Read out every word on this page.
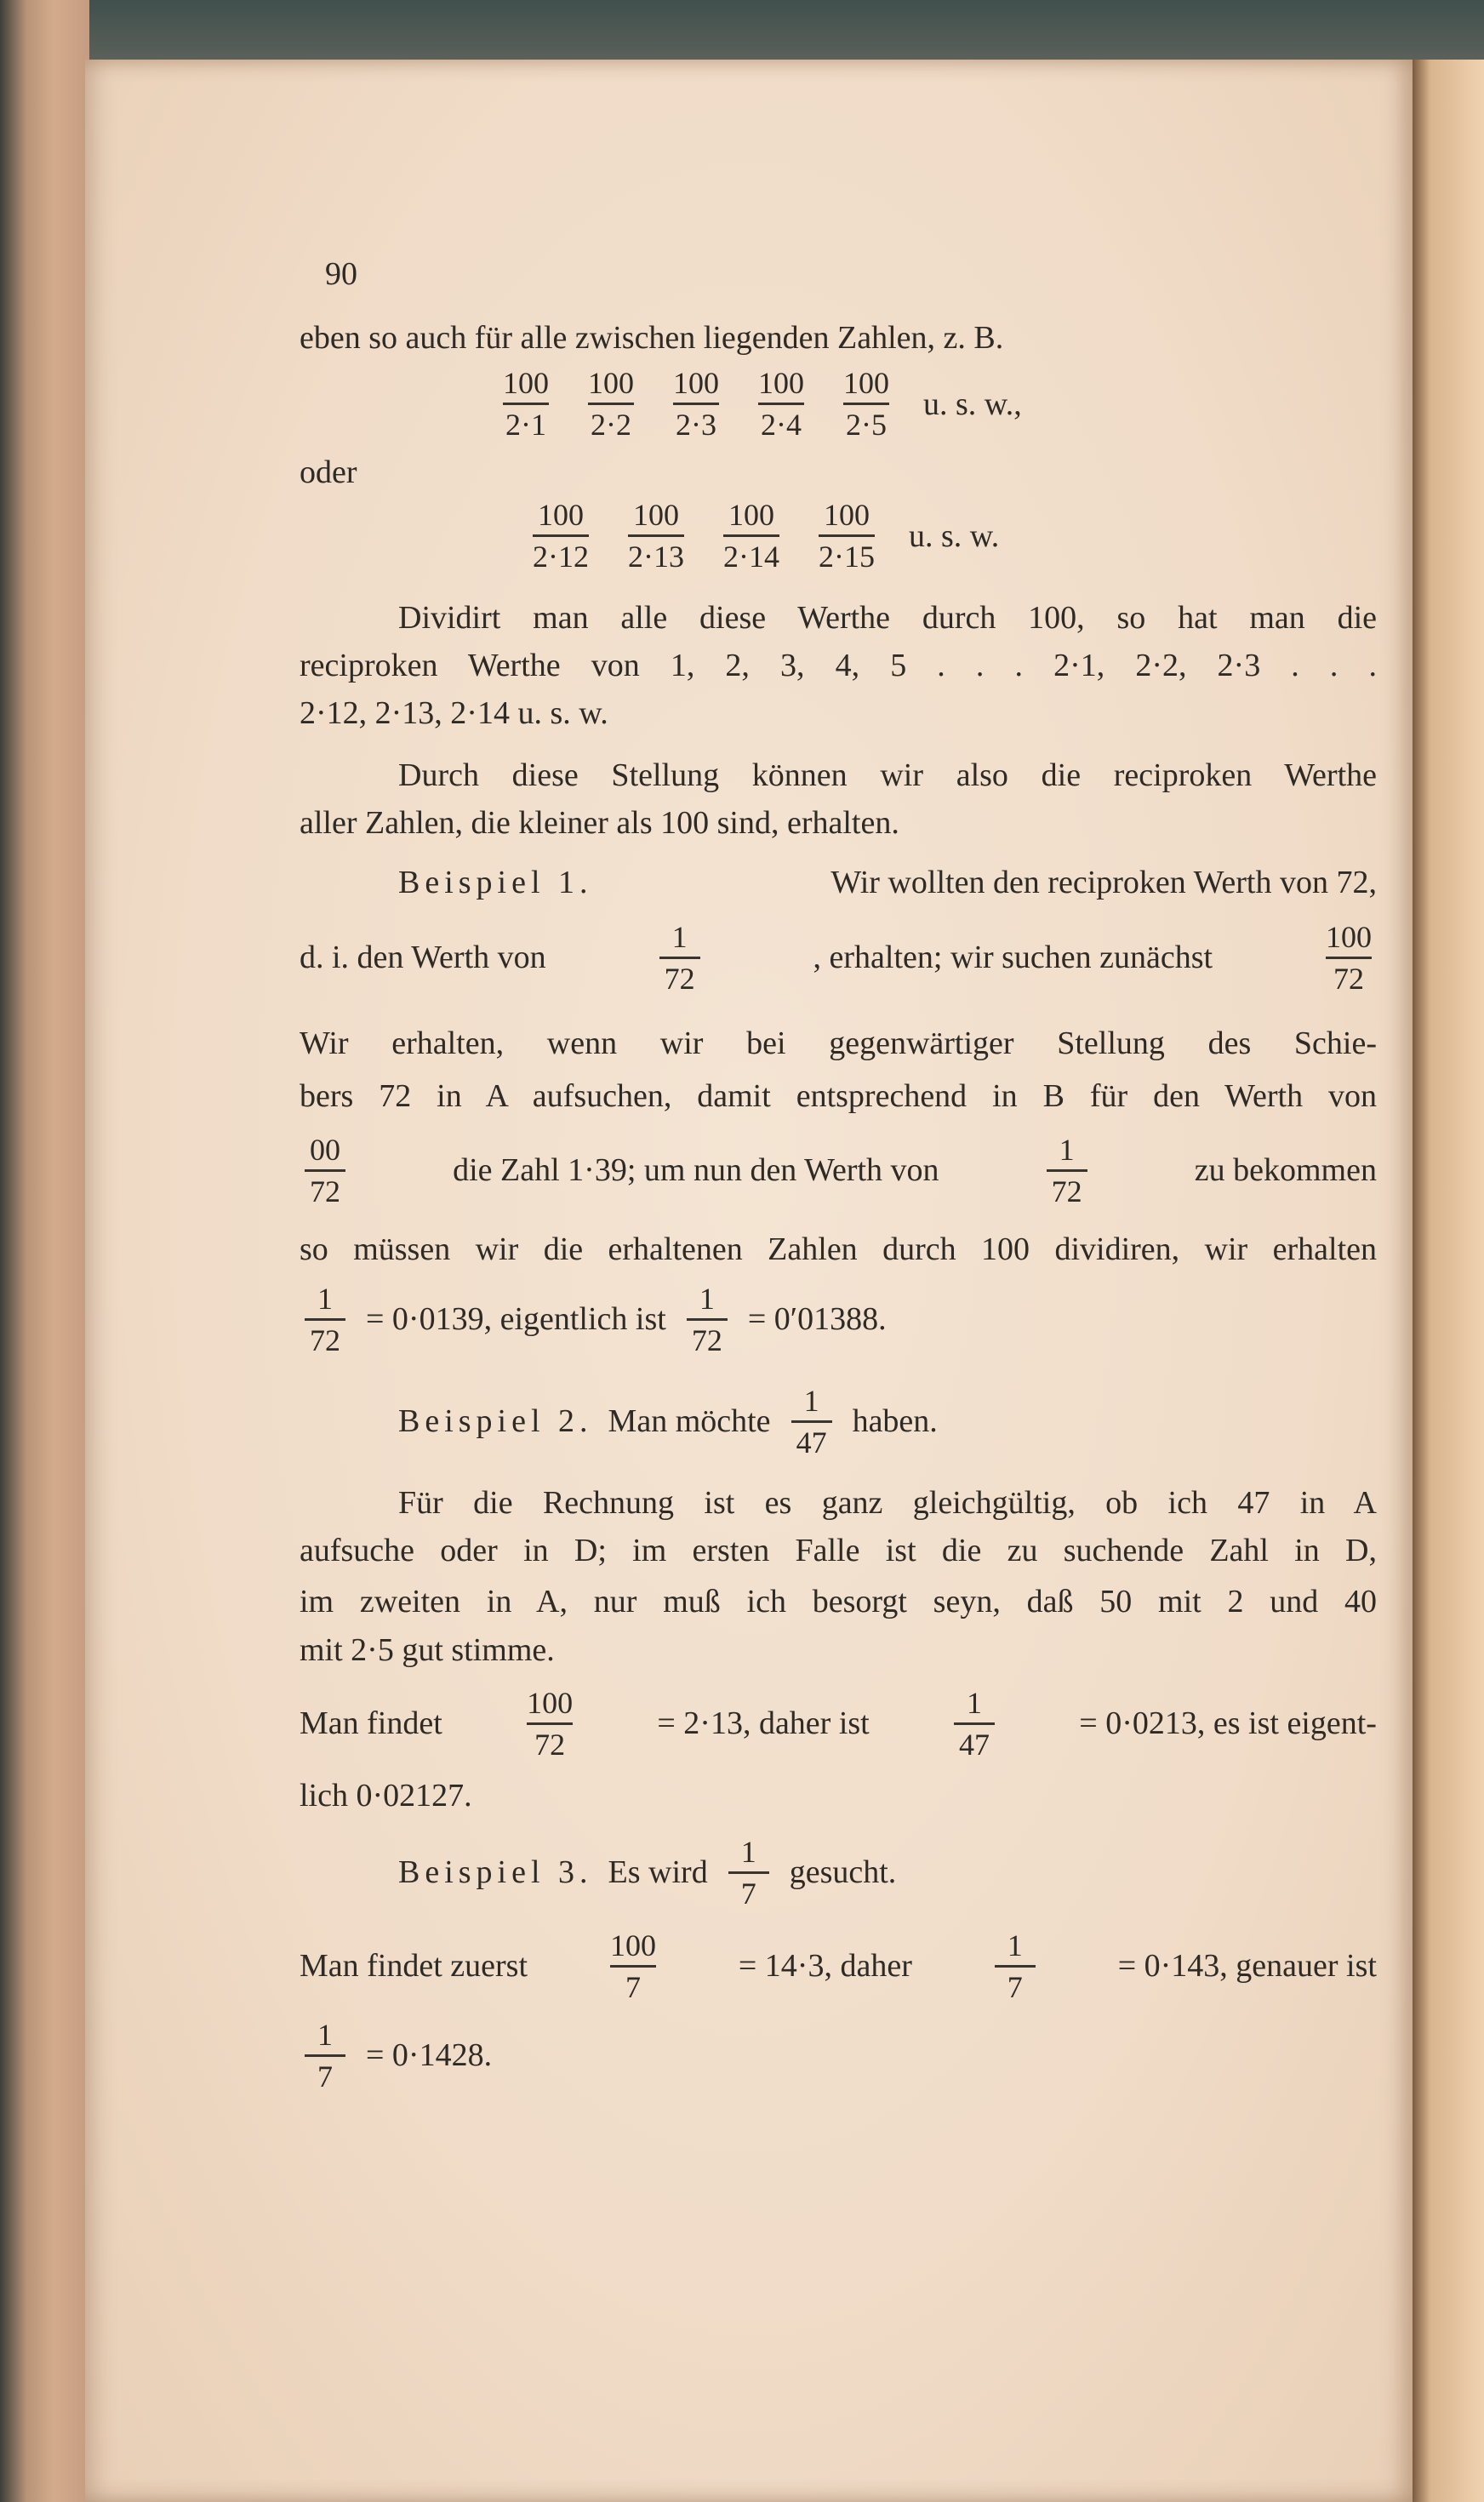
90
eben so auch für alle zwischen liegenden Zahlen, z. B.
$\frac{100}{2\cdot 1} \frac{100}{2\cdot 2} \frac{100}{2\cdot 3} \frac{100}{2\cdot 4} \frac{100}{2\cdot 5} u$. s. w.,
oder
$\frac{100}{2\cdot 12} \frac{100}{2\cdot 13} \frac{100}{2\cdot 14} \frac{100}{2\cdot 15} u$. s. w.
Dividirt man alle diese Werthe durch 100, so hat man die
reciproken Werthe von 1, 2, 3, 4, 5 . . . 2·1, 2·2, 2·3 . . .
2·12, 2·13, 2·14 u. s. w.
Durch diese Stellung können wir also die reciproken Werthe
aller Zahlen, die kleiner als 100 sind, erhalten.
Beispiel 1.	Wir wollten den reciproken Werth von 72,
d. i. den Werth von	$\frac{1}{72}$	, erhalten; wir suchen zunächst	$\frac{100}{72}$
Wir erhalten, wenn wir bei gegenwärtiger Stellung des Schie-
bers 72 in A aufsuchen, damit entsprechend in B für den Werth von
$\frac{00}{72}$	die Zahl 1·39; um nun den Werth von	$\frac{1}{72}$	zu bekommen
so müssen wir die erhaltenen Zahlen durch 100 dividiren, wir erhalten
$\frac{1}{72} = 0\cdot 0139$, eigentlich ist $\frac{1}{72} = 0'01388$.
Beispiel 2. Man möchte $\frac{1}{47}$ haben.
Für die Rechnung ist es ganz gleichgültig, ob ich 47 in A
aufsuche oder in D; im ersten Falle ist die zu suchende Zahl in D,
im zweiten in A, nur muß ich besorgt seyn, daß 50 mit 2 und 40
mit 2·5 gut stimme.
Man findet	$\frac{100}{72}$	= 2·13, daher ist	$\frac{1}{47}$	= 0·0213, es ist eigent-
lich 0·02127.
Beispiel 3. Es wird $\frac{1}{7}$ gesucht.
Man findet zuerst	$\frac{100}{7}$	= 14·3, daher	$\frac{1}{7}$	= 0·143, genauer ist
$\frac{1}{7} = 0\cdot 1428$.
